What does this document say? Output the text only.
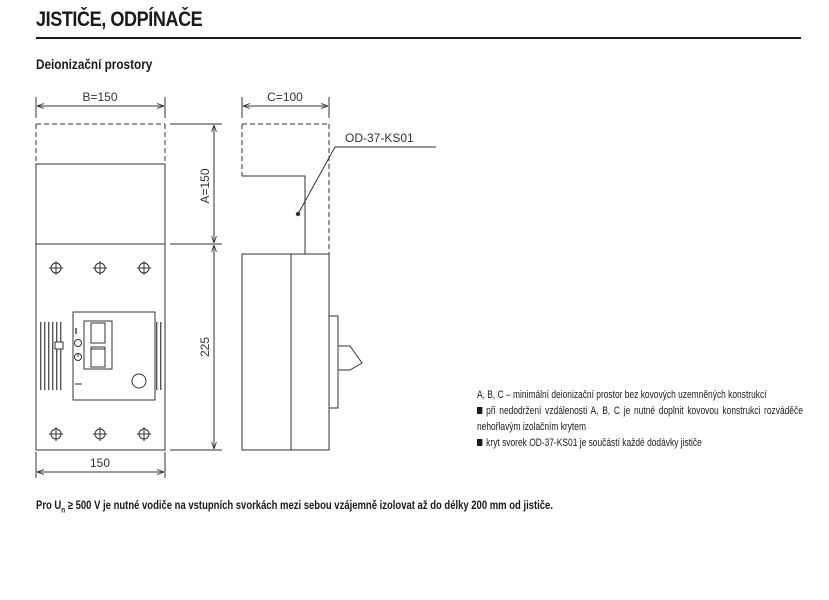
JISTIČE, ODPÍNAČE
Deionizační prostory
B=150	C=100
A=150
225
150
OD-37-KS01

A, B, C – minimální deionizační prostor bez kovových uzemněných konstrukcí

při nedodržení vzdálenosti A, B, C je nutné doplnit kovovou konstrukci rozváděče nehořlavým izolačním krytem

kryt svorek OD-37-KS01 je součástí každé dodávky jističe

Pro $U_n \ge 500$ V je nutné vodiče na vstupních svorkách mezi sebou vzájemně izolovat až do délky 200 mm od jističe.
